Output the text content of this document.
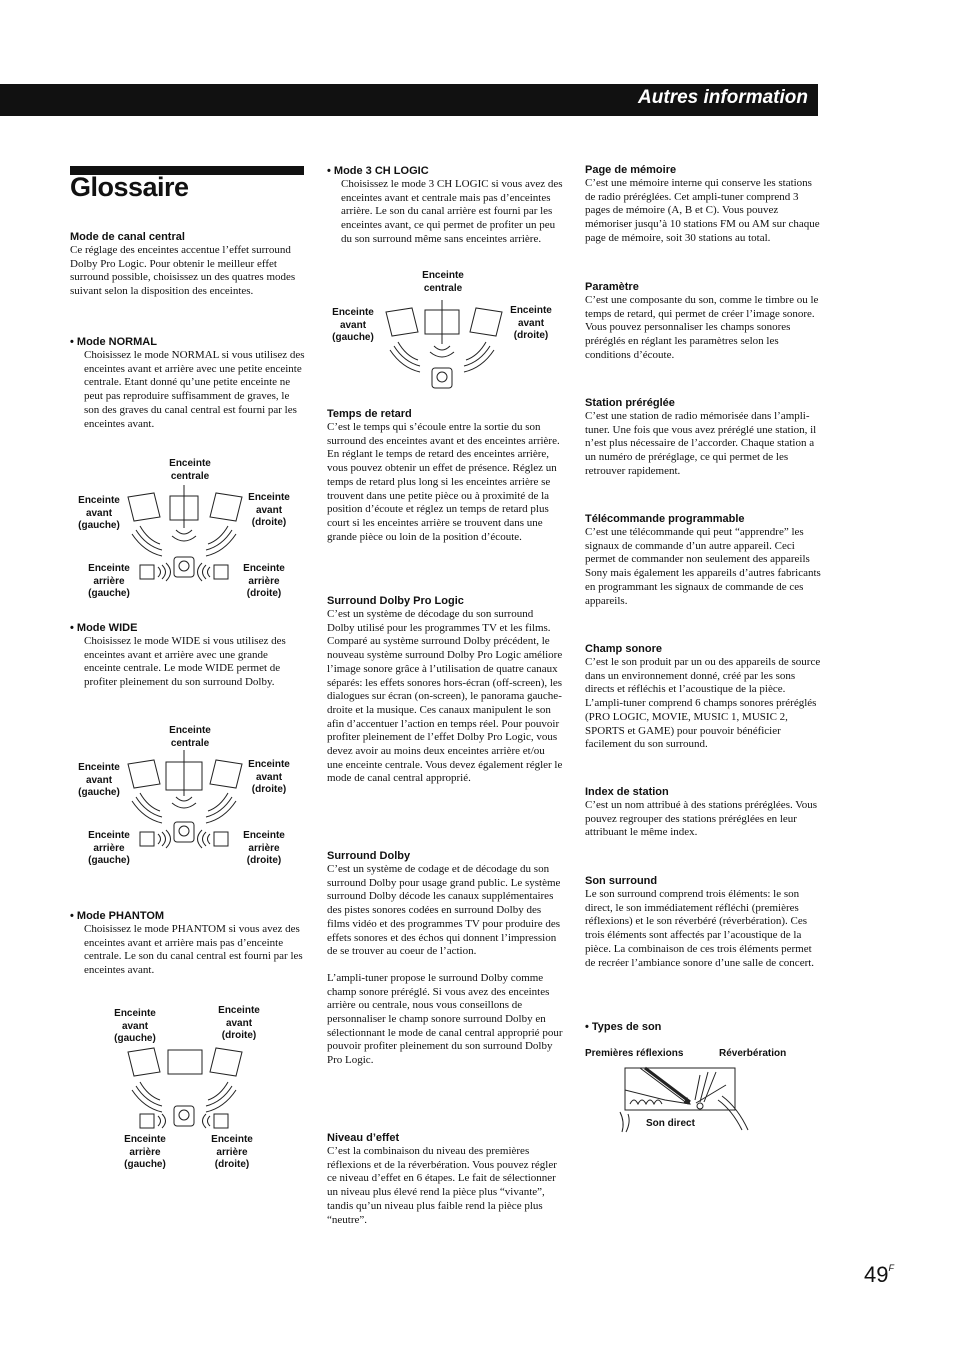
Autres information
Glossaire

Mode de canal central

Ce réglage des enceintes accentue l’effet surround Dolby Pro Logic. Pour obtenir le meilleur effet surround possible, choisissez un des quatres modes suivant selon la disposition des enceintes.

• Mode NORMAL

Choisissez le mode NORMAL si vous utilisez des enceintes avant et arrière avec une petite enceinte centrale. Etant donné qu’une petite enceinte ne peut pas reproduire suffisamment de graves, le son des graves du canal central est fourni par les enceintes avant.

Enceinte centrale
Enceinte avant (gauche)
Enceinte avant (droite)
Enceinte arrière (gauche)
Enceinte arrière (droite)

• Mode WIDE

Choisissez le mode WIDE si vous utilisez des enceintes avant et arrière avec une grande enceinte centrale. Le mode WIDE permet de profiter pleinement du son surround Dolby.

Enceinte centrale
Enceinte avant (gauche)
Enceinte avant (droite)
Enceinte arrière (gauche)
Enceinte arrière (droite)

• Mode PHANTOM

Choisissez le mode PHANTOM si vous avez des enceintes avant et arrière mais pas d’enceinte centrale. Le son du canal central est fourni par les enceintes avant.

Enceinte avant (gauche)
Enceinte avant (droite)
Enceinte arrière (gauche)
Enceinte arrière (droite)

• Mode 3 CH LOGIC

Choisissez le mode 3 CH LOGIC si vous avez des enceintes avant et centrale mais pas d’enceintes arrière. Le son du canal arrière est fourni par les enceintes avant, ce qui permet de profiter un peu du son surround même sans enceintes arrière.

Enceinte centrale
Enceinte avant (gauche)
Enceinte avant (droite)

Temps de retard

C’est le temps qui s’écoule entre la sortie du son surround des enceintes avant et des enceintes arrière. En réglant le temps de retard des enceintes arrière, vous pouvez obtenir un effet de présence. Réglez un temps de retard plus long si les enceintes arrière se trouvent dans une petite pièce ou à proximité de la position d’écoute et réglez un temps de retard plus court si les enceintes arrière se trouvent dans une grande pièce ou loin de la position d’écoute.

Surround Dolby Pro Logic

C’est un système de décodage du son surround Dolby utilisé pour les programmes TV et les films. Comparé au système surround Dolby précédent, le nouveau système surround Dolby Pro Logic améliore l’image sonore grâce à l’utilisation de quatre canaux séparés: les effets sonores hors-écran (off-screen), les dialogues sur écran (on-screen), le panorama gauche-droite et la musique. Ces canaux manipulent le son afin d’accentuer l’action en temps réel. Pour pouvoir profiter pleinement de l’effet Dolby Pro Logic, vous devez avoir au moins deux enceintes arrière et/ou une enceinte centrale. Vous devez également régler le mode de canal central approprié.

Surround Dolby

C’est un système de codage et de décodage du son surround Dolby pour usage grand public. Le système surround Dolby décode les canaux supplémentaires des pistes sonores codées en surround Dolby des films vidéo et des programmes TV pour produire des effets sonores et des échos qui donnent l’impression de se trouver au coeur de l’action.

L’ampli-tuner propose le surround Dolby comme champ sonore préréglé. Si vous avez des enceintes arrière ou centrale, nous vous conseillons de personnaliser le champ sonore surround Dolby en sélectionnant le mode de canal central approprié pour pouvoir profiter pleinement du son surround Dolby Pro Logic.

Niveau d’effet

C’est la combinaison du niveau des premières réflexions et de la réverbération. Vous pouvez régler ce niveau d’effet en 6 étapes. Le fait de sélectionner un niveau plus élevé rend la pièce plus “vivante”, tandis qu’un niveau plus faible rend la pièce plus “neutre”.

Page de mémoire

C’est une mémoire interne qui conserve les stations de radio préréglées. Cet ampli-tuner comprend 3 pages de mémoire (A, B et C). Vous pouvez mémoriser jusqu’à 10 stations FM ou AM sur chaque page de mémoire, soit 30 stations au total.

Paramètre

C’est une composante du son, comme le timbre ou le temps de retard, qui permet de créer l’image sonore. Vous pouvez personnaliser les champs sonores préréglés en réglant les paramètres selon les conditions d’écoute.

Station préréglée

C’est une station de radio mémorisée dans l’ampli-tuner. Une fois que vous avez préréglé une station, il n’est plus nécessaire de l’accorder. Chaque station a un numéro de préréglage, ce qui permet de les retrouver rapidement.

Télécommande programmable

C’est une télécommande qui peut “apprendre” les signaux de commande d’un autre appareil. Ceci permet de commander non seulement des appareils Sony mais également les appareils d’autres fabricants en programmant les signaux de commande de ces appareils.

Champ sonore

C’est le son produit par un ou des appareils de source dans un environnement donné, créé par les sons directs et réfléchis et l’acoustique de la pièce. L’ampli-tuner comprend 6 champs sonores préréglés (PRO LOGIC, MOVIE, MUSIC 1, MUSIC 2, SPORTS et GAME) pour pouvoir bénéficier facilement du son surround.

Index de station

C’est un nom attribué à des stations préréglées. Vous pouvez regrouper des stations préréglées en leur attribuant le même index.

Son surround

Le son surround comprend trois éléments: le son direct, le son immédiatement réfléchi (premières réflexions) et le son réverbéré (réverbération). Ces trois éléments sont affectés par l’acoustique de la pièce. La combinaison de ces trois éléments permet de recréer l’ambiance sonore d’une salle de concert.

• Types de son

Premières réflexions	Réverbération
Son direct
$49^F$
